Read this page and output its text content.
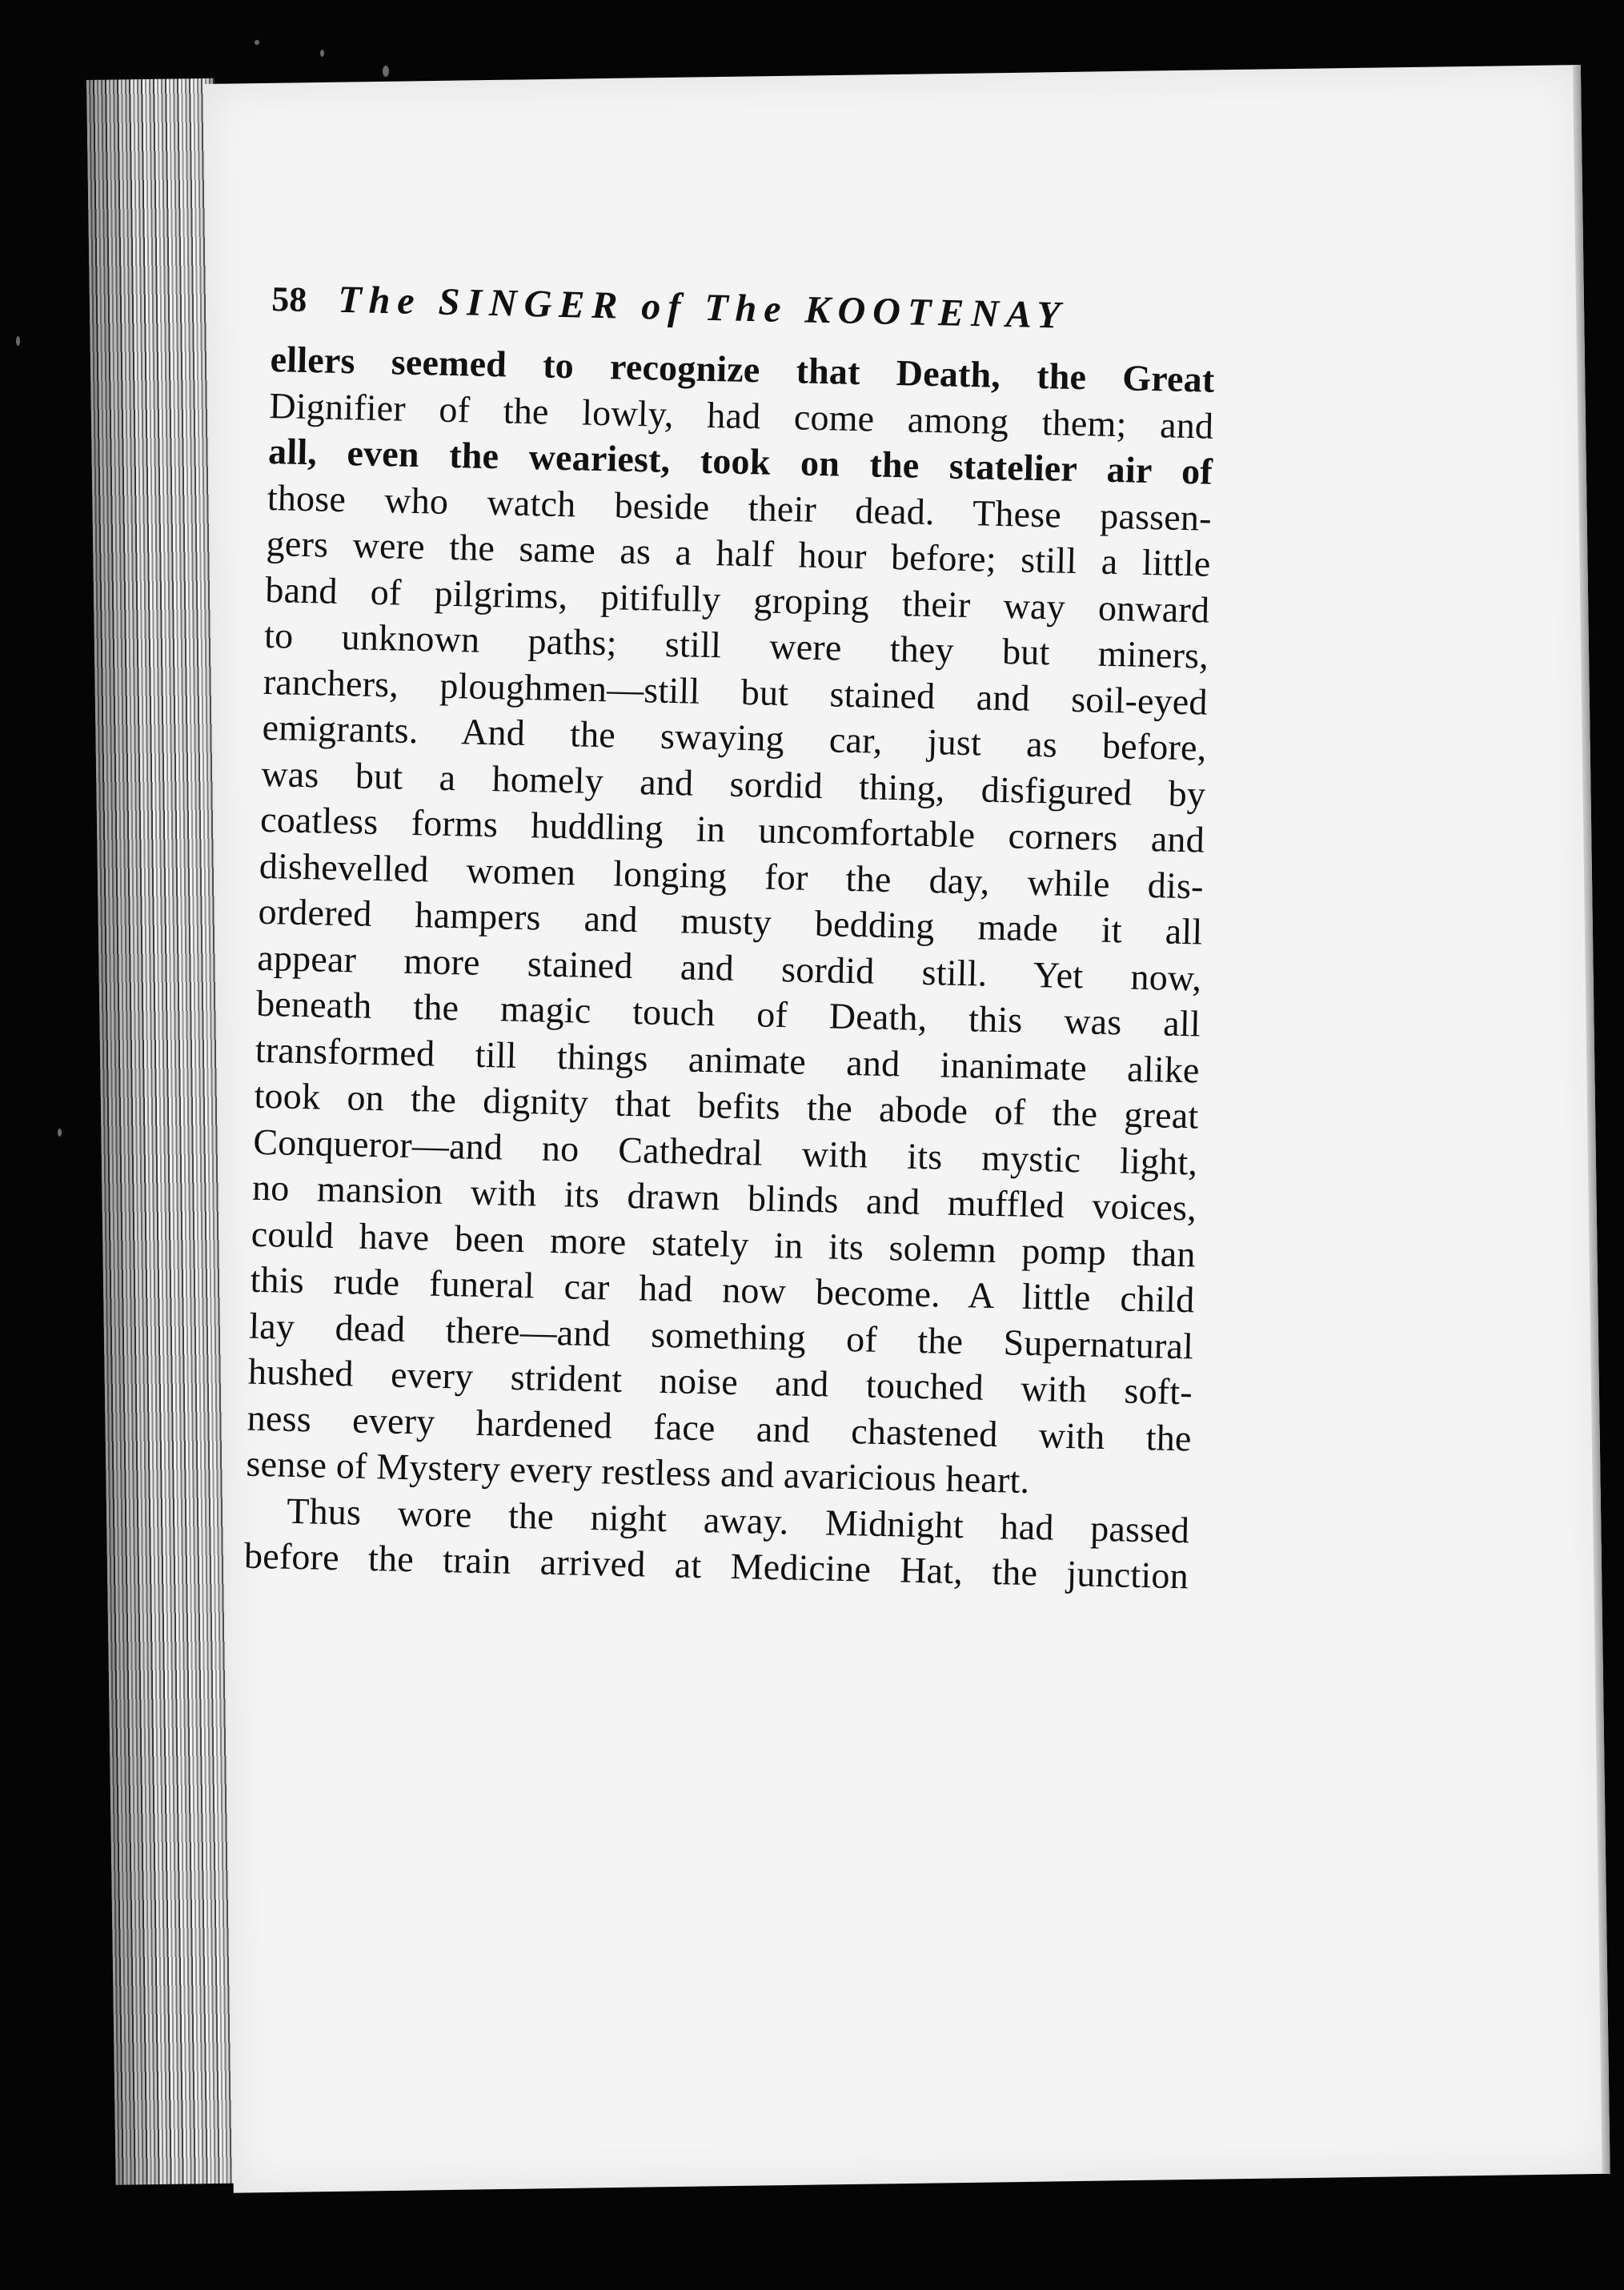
58 The SINGER of The KOOTENAY
ellers seemed to recognize that Death, the Great
Dignifier of the lowly, had come among them; and
all, even the weariest, took on the statelier air of
those who watch beside their dead. These passen-
gers were the same as a half hour before; still a little
band of pilgrims, pitifully groping their way onward
to unknown paths; still were they but miners,
ranchers, ploughmen—still but stained and soil-eyed
emigrants. And the swaying car, just as before,
was but a homely and sordid thing, disfigured by
coatless forms huddling in uncomfortable corners and
dishevelled women longing for the day, while dis-
ordered hampers and musty bedding made it all
appear more stained and sordid still. Yet now,
beneath the magic touch of Death, this was all
transformed till things animate and inanimate alike
took on the dignity that befits the abode of the great
Conqueror—and no Cathedral with its mystic light,
no mansion with its drawn blinds and muffled voices,
could have been more stately in its solemn pomp than
this rude funeral car had now become. A little child
lay dead there—and something of the Supernatural
hushed every strident noise and touched with soft-
ness every hardened face and chastened with the
sense of Mystery every restless and avaricious heart.
Thus wore the night away. Midnight had passed
before the train arrived at Medicine Hat, the junction
